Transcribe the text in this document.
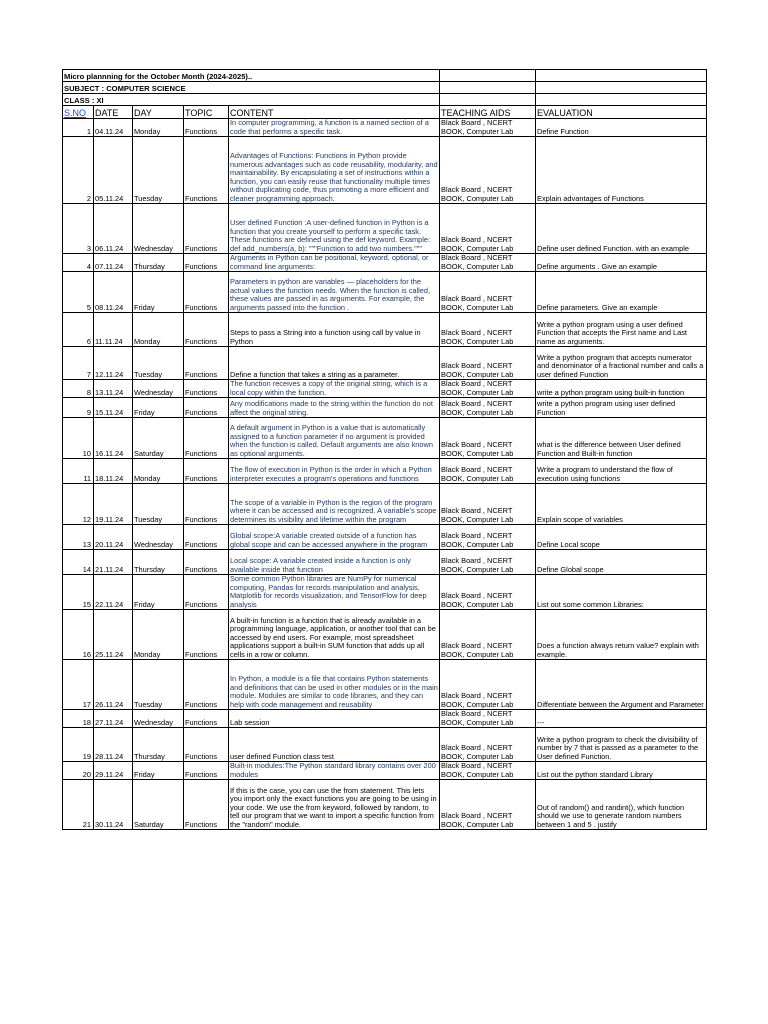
Micro plannning for the October Month (2024-2025)..						
SUBJECT : COMPUTER SCIENCE						
CLASS : XI						
S.NO	DATE	DAY	TOPIC	CONTENT	TEACHING AIDS	EVALUATION
1	04.11.24	Monday	Functions	In computer programming, a function is a named section of a code that performs a specific task.	Black Board , NCERT BOOK, Computer Lab	Define Function
2	05.11.24	Tuesday	Functions	Advantages of Functions: Functions in Python provide numerous advantages such as code reusability, modularity, and maintainability. By encapsulating a set of instructions within a function, you can easily reuse that functionality multiple times without duplicating code, thus promoting a more efficient and cleaner programming approach.	Black Board , NCERT BOOK, Computer Lab	Explain advantages of Functions
3	06.11.24	Wednesday	Functions	User defined Function :A user-defined function in Python is a function that you create yourself to perform a specific task. These functions are defined using the def keyword. Example: def add_numbers(a, b): """Function to add two numbers."""	Black Board , NCERT BOOK, Computer Lab	Define user defined Function. with an example
4	07.11.24	Thursday	Functions	Arguments in Python can be positional, keyword, optional, or command line arguments:	Black Board , NCERT BOOK, Computer Lab	Define arguments . Give an example
5	08.11.24	Friday	Functions	Parameters in python are variables — placeholders for the actual values the function needs. When the function is called, these values are passed in as arguments. For example, the arguments passed into the function .	Black Board , NCERT BOOK, Computer Lab	Define parameters. Give an example
6	11.11.24	Monday	Functions	Steps to pass a String into a function using call by value in Python	Black Board , NCERT BOOK, Computer Lab	Write a python program using a user defined Function that accepts the First name and Last name as arguments.
7	12.11.24	Tuesday	Functions	Define a function that takes a string as a parameter.	Black Board , NCERT BOOK, Computer Lab	Write a python program that accepts numerator and denominator of a fractional number and calls a user defined Function
8	13.11.24	Wednesday	Functions	The function receives a copy of the original string, which is a local copy within the function.	Black Board , NCERT BOOK, Computer Lab	write a python program using built-in function
9	15.11.24	Friday	Functions	Any modifications made to the string within the function do not affect the original string.	Black Board , NCERT BOOK, Computer Lab	write a python program using user defined Function
10	16.11.24	Saturday	Functions	A default argument in Python is a value that is automatically assigned to a function parameter if no argument is provided when the function is called. Default arguments are also known as optional arguments.	Black Board , NCERT BOOK, Computer Lab	what is the difference between User defined Function and Built-in function
11	18.11.24	Monday	Functions	The flow of execution in Python is the order in which a Python interpreter executes a program's operations and functions	Black Board , NCERT BOOK, Computer Lab	Write a program to understand the flow of execution using functions
12	19.11.24	Tuesday	Functions	The scope of a variable in Python is the region of the program where it can be accessed and is recognized. A variable's scope determines its visibility and lifetime within the program	Black Board , NCERT BOOK, Computer Lab	Explain scope of variables
13	20.11.24	Wednesday	Functions	Global scope:A variable created outside of a function has global scope and can be accessed anywhere in the program	Black Board , NCERT BOOK, Computer Lab	Define Local scope
14	21.11.24	Thursday	Functions	Local scope: A variable created inside a function is only available inside that function	Black Board , NCERT BOOK, Computer Lab	Define Global scope
15	22.11.24	Friday	Functions	Some common Python libraries are NumPy for numerical computing, Pandas for records manipulation and analysis, Matplotlib for records visualization, and TensorFlow for deep analysis	Black Board , NCERT BOOK, Computer Lab	List out some common Libraries:
16	25.11.24	Monday	Functions	A built-in function is a function that is already available in a programming language, application, or another tool that can be accessed by end users. For example, most spreadsheet applications support a built-in SUM function that adds up all cells in a row or column.	Black Board , NCERT BOOK, Computer Lab	Does a function always return value? explain with example.
17	26.11.24	Tuesday	Functions	In Python, a module is a file that contains Python statements and definitions that can be used in other modules or in the main module. Modules are similar to code libraries, and they can help with code management and reusability	Black Board , NCERT BOOK, Computer Lab	Differentiate between the Argument and Parameter
18	27.11.24	Wednesday	Functions	Lab session	Black Board , NCERT BOOK, Computer Lab	---
19	28.11.24	Thursday	Functions	user defined Function class test	Black Board , NCERT BOOK, Computer Lab	Write a python program to check the divisibility of number by 7 that is passed as a parameter to the User defined Function.
20	29.11.24	Friday	Functions	Built-in modules:The Python standard library contains over 200 modules	Black Board , NCERT BOOK, Computer Lab	List out the python standard Library
21	30.11.24	Saturday	Functions	If this is the case, you can use the from statement. This lets you import only the exact functions you are going to be using in your code. We use the from keyword, followed by random, to tell our program that we want to import a specific function from the "random" module.	Black Board , NCERT BOOK, Computer Lab	Out of random() and randint(), which function should we use to generate random numbers between 1 and 5 . justify
